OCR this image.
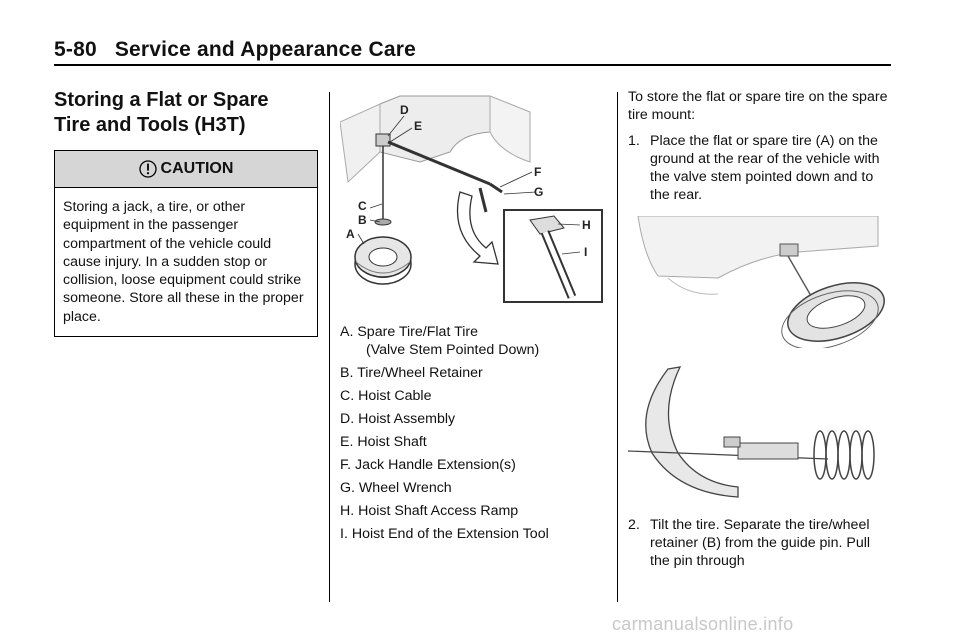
5-80 Service and Appearance Care
Storing a Flat or Spare
Tire and Tools (H3T)
CAUTION
Storing a jack, a tire, or other equipment in the passenger compartment of the vehicle could cause injury. In a sudden stop or collision, loose equipment could strike someone. Store all these in the proper place.
D
E
F
G
C
B
A
H
I
A. Spare Tire/Flat Tire
(Valve Stem Pointed Down)
B. Tire/Wheel Retainer
C. Hoist Cable
D. Hoist Assembly
E. Hoist Shaft
F. Jack Handle Extension(s)
G. Wheel Wrench
H. Hoist Shaft Access Ramp
I. Hoist End of the Extension Tool

To store the flat or spare tire on the spare tire mount:

1. Place the flat or spare tire (A) on the ground at the rear of the vehicle with the valve stem pointed down and to the rear.

2. Tilt the tire. Separate the tire/wheel retainer (B) from the guide pin. Pull the pin through
carmanualsonline.info
